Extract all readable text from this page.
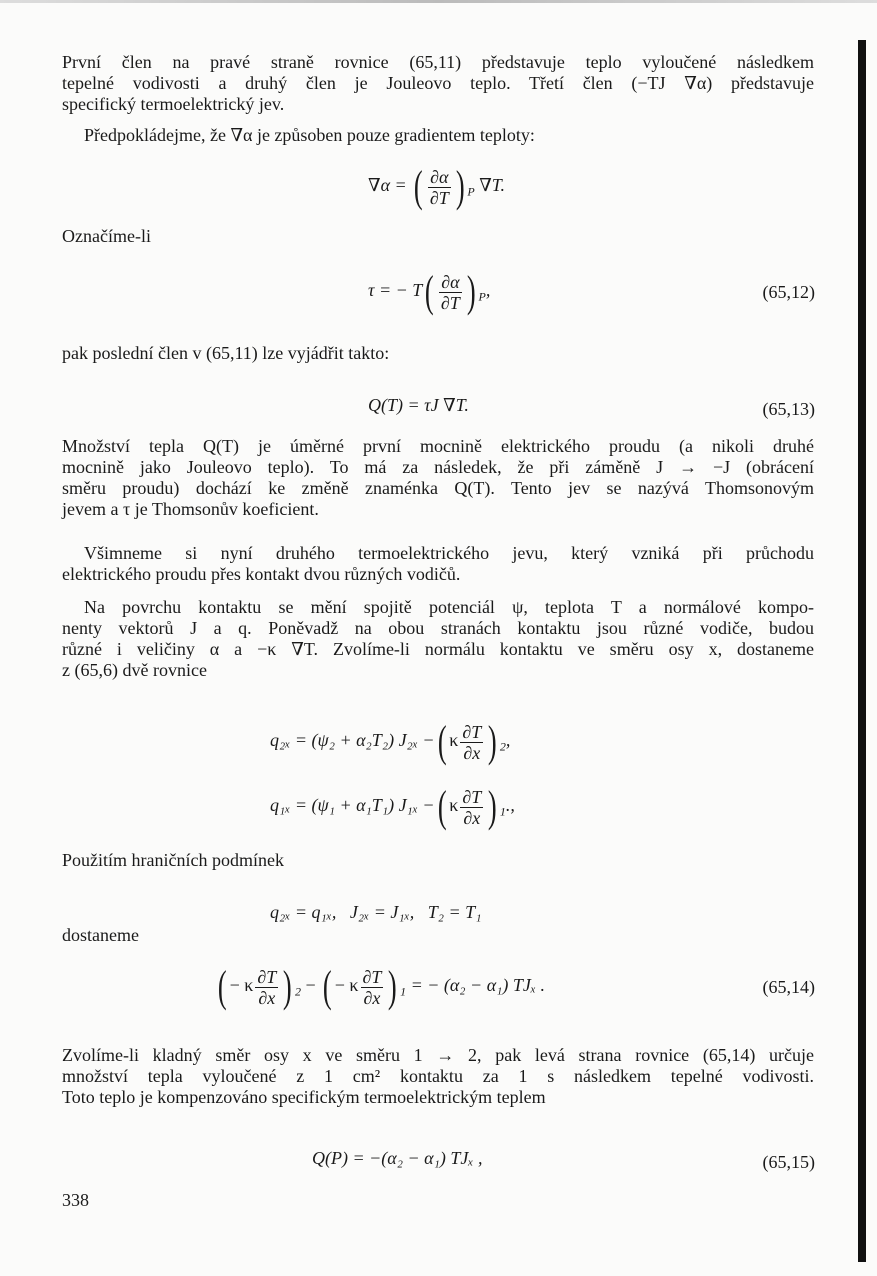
První člen na pravé straně rovnice (65,11) představuje teplo vyloučené následkem
tepelné vodivosti a druhý člen je Jouleovo teplo. Třetí člen (−TJ ∇α) představuje
specifický termoelektrický jev.
Předpokládejme, že ∇α je způsoben pouze gradientem teploty:
∇α = ( $\frac{\partial\alpha}{\partial T}$ ) $_P$ ∇T.
Označíme-li
τ = − $T( \frac{\partial\alpha}{\partial T}$ ) $_P$,	(65,12)
pak poslední člen v (65,11) lze vyjádřit takto:
Q(T) = τJ ∇T.	(65,13)
Množství tepla Q(T) je úměrné první mocnině elektrického proudu (a nikoli druhé
mocnině jako Jouleovo teplo). To má za následek, že při záměně J → −J (obrácení
směru proudu) dochází ke změně znaménka Q(T). Tento jev se nazývá Thomsonovým
jevem a τ je Thomsonův koeficient.
Všimneme si nyní druhého termoelektrického jevu, který vzniká při průchodu
elektrického proudu přes kontakt dvou různých vodičů.
Na povrchu kontaktu se mění spojitě potenciál ψ, teplota T a normálové kompo-
nenty vektorů J a q. Poněvadž na obou stranách kontaktu jsou různé vodiče, budou
různé i veličiny α a −κ ∇T. Zvolíme-li normálu kontaktu ve směru osy x, dostaneme
z (65,6) dvě rovnice
q₂ₓ = (ψ₂ + α₂T₂) J₂ₓ −( κ $\frac{\partial T}{\partial x}$ ) $_2$,
q₁ₓ = (ψ₁ + α₁T₁) J₁ₓ −( κ $\frac{\partial T}{\partial x}$ ) $_1$.,
Použitím hraničních podmínek
q₂ₓ = q₁ₓ,   J₂ₓ = J₁ₓ,   T₂ = T₁
dostaneme
( − κ $\frac{\partial T}{\partial x}$ ) $_2$ − ( − κ $\frac{\partial T}{\partial x}$ ) $_1$ = − (α₂ − α₁) TJₓ .	(65,14)
Zvolíme-li kladný směr osy x ve směru 1 → 2, pak levá strana rovnice (65,14) určuje
množství tepla vyloučené z 1 cm² kontaktu za 1 s následkem tepelné vodivosti.
Toto teplo je kompenzováno specifickým termoelektrickým teplem
Q(P) = −(α₂ − α₁) TJₓ ,	(65,15)
338
